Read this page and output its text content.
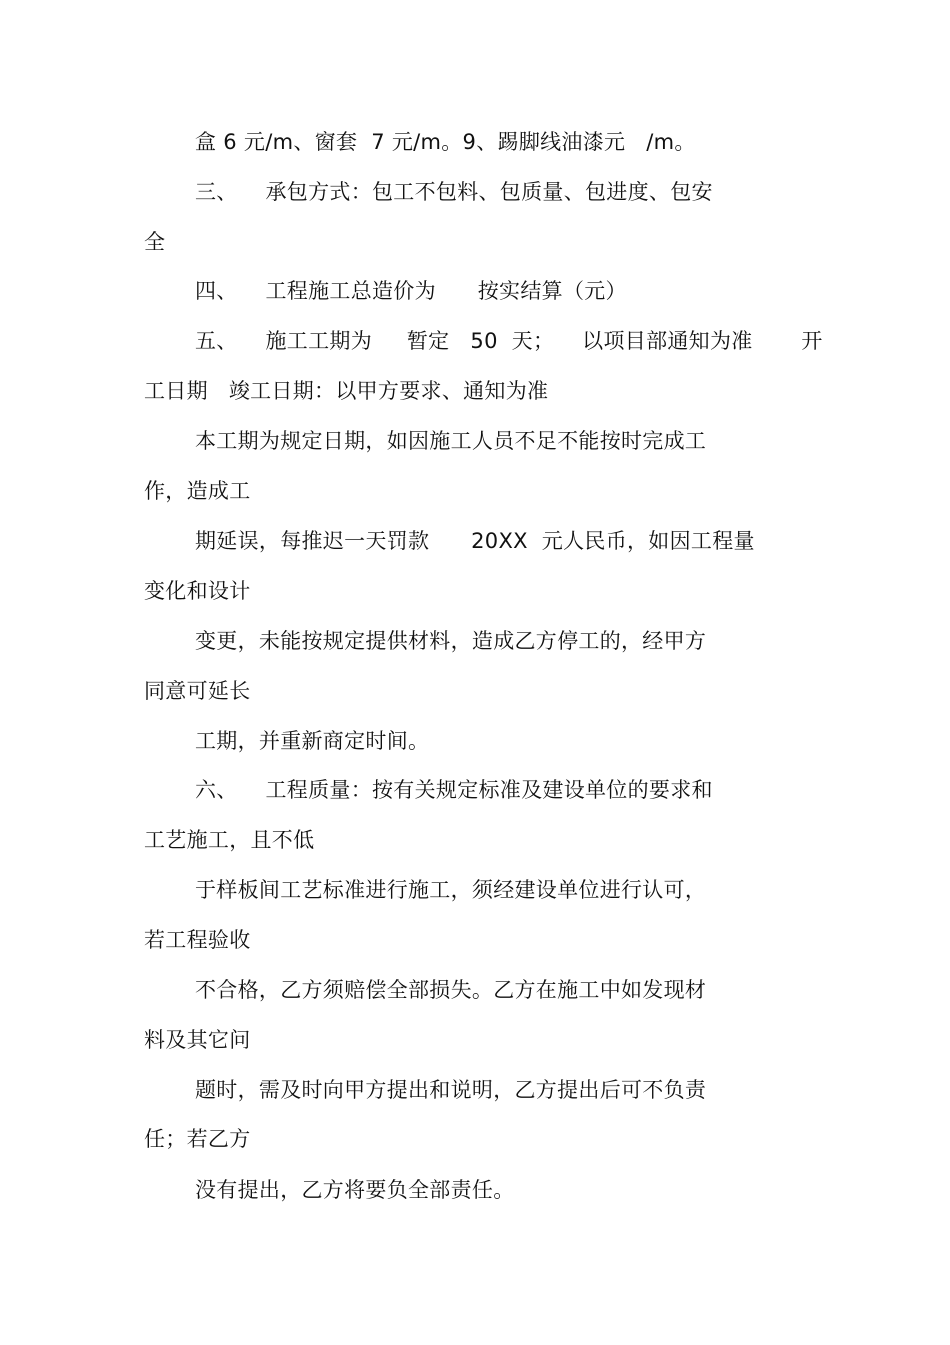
盒 6 元/m、窗套  7 元/m。9、踢脚线油漆元   /m。
三、    承包方式：包工不包料、包质量、包进度、包安
全
四、    工程施工总造价为      按实结算（元）
五、    施工工期为     暂定   50  天；    以项目部通知为准       开
工日期   竣工日期：以甲方要求、通知为准
本工期为规定日期，如因施工人员不足不能按时完成工
作，造成工
期延误，每推迟一天罚款      20XX  元人民币，如因工程量
变化和设计
变更，未能按规定提供材料，造成乙方停工的，经甲方
同意可延长
工期，并重新商定时间。
六、    工程质量：按有关规定标准及建设单位的要求和
工艺施工，且不低
于样板间工艺标准进行施工，须经建设单位进行认可，
若工程验收
不合格，乙方须赔偿全部损失。乙方在施工中如发现材
料及其它问
题时，需及时向甲方提出和说明，乙方提出后可不负责
任；若乙方
没有提出，乙方将要负全部责任。
